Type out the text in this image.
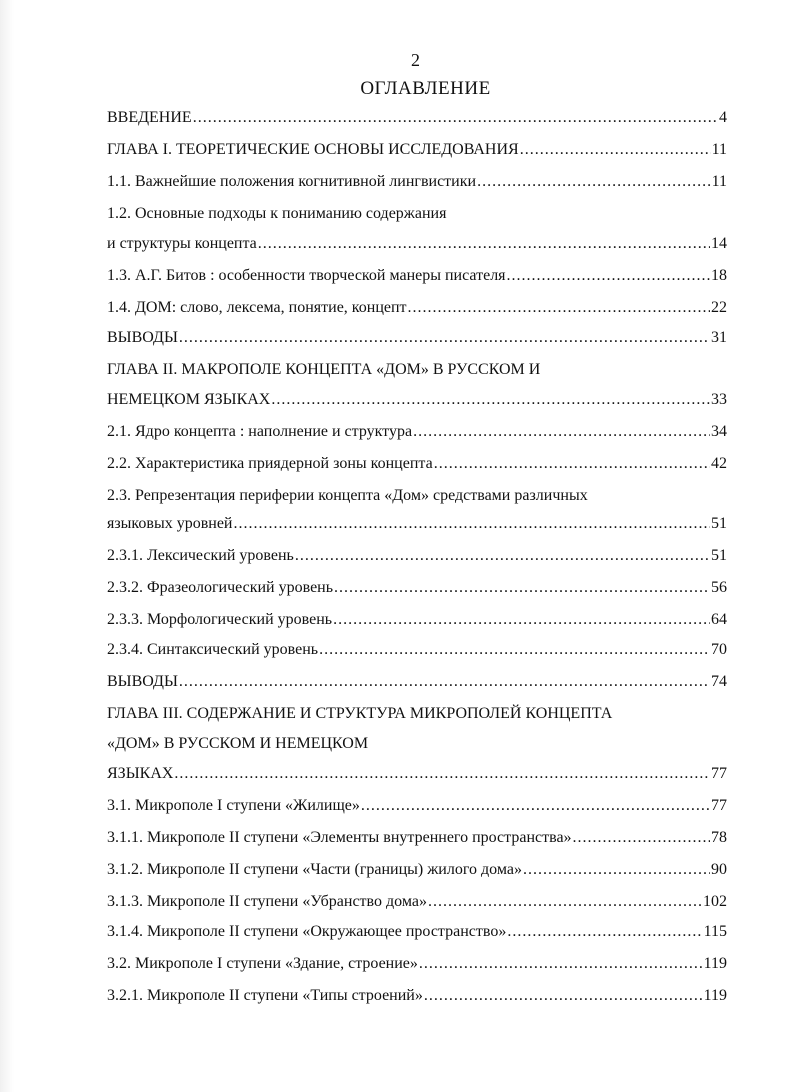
2
ОГЛАВЛЕНИЕ
ВВЕДЕНИЕ .....	4
ГЛАВА I. ТЕОРЕТИЧЕСКИЕ ОСНОВЫ ИССЛЕДОВАНИЯ .....	11
1.1. Важнейшие положения когнитивной лингвистики .....	11
1.2. Основные подходы к пониманию содержания
и структуры концепта .....	14
1.3. А.Г. Битов : особенности творческой манеры писателя .....	18
1.4. ДОМ: слово, лексема, понятие, концепт .....	22
ВЫВОДЫ .....	31
ГЛАВА II. МАКРОПОЛЕ КОНЦЕПТА «ДОМ» В РУССКОМ И
НЕМЕЦКОМ ЯЗЫКАХ .....	33
2.1. Ядро концепта : наполнение и структура .....	34
2.2. Характеристика приядерной зоны концепта .....	42
2.3. Репрезентация периферии концепта «Дом» средствами различных
языковых уровней .....	51
2.3.1. Лексический уровень .....	51
2.3.2. Фразеологический уровень .....	56
2.3.3. Морфологический уровень .....	64
2.3.4. Синтаксический уровень .....	70
ВЫВОДЫ .....	74
ГЛАВА III. СОДЕРЖАНИЕ И СТРУКТУРА МИКРОПОЛЕЙ КОНЦЕПТА
«ДОМ» В РУССКОМ И НЕМЕЦКОМ
ЯЗЫКАХ .....	77
3.1. Микрополе I ступени «Жилище» .....	77
3.1.1. Микрополе II ступени «Элементы внутреннего пространства» .....	78
3.1.2. Микрополе II ступени «Части (границы) жилого дома» .....	90
3.1.3. Микрополе II ступени «Убранство дома» .....	102
3.1.4. Микрополе II ступени «Окружающее пространство» .....	115
3.2. Микрополе I ступени «Здание, строение» .....	119
3.2.1. Микрополе II ступени «Типы строений» .....	119
